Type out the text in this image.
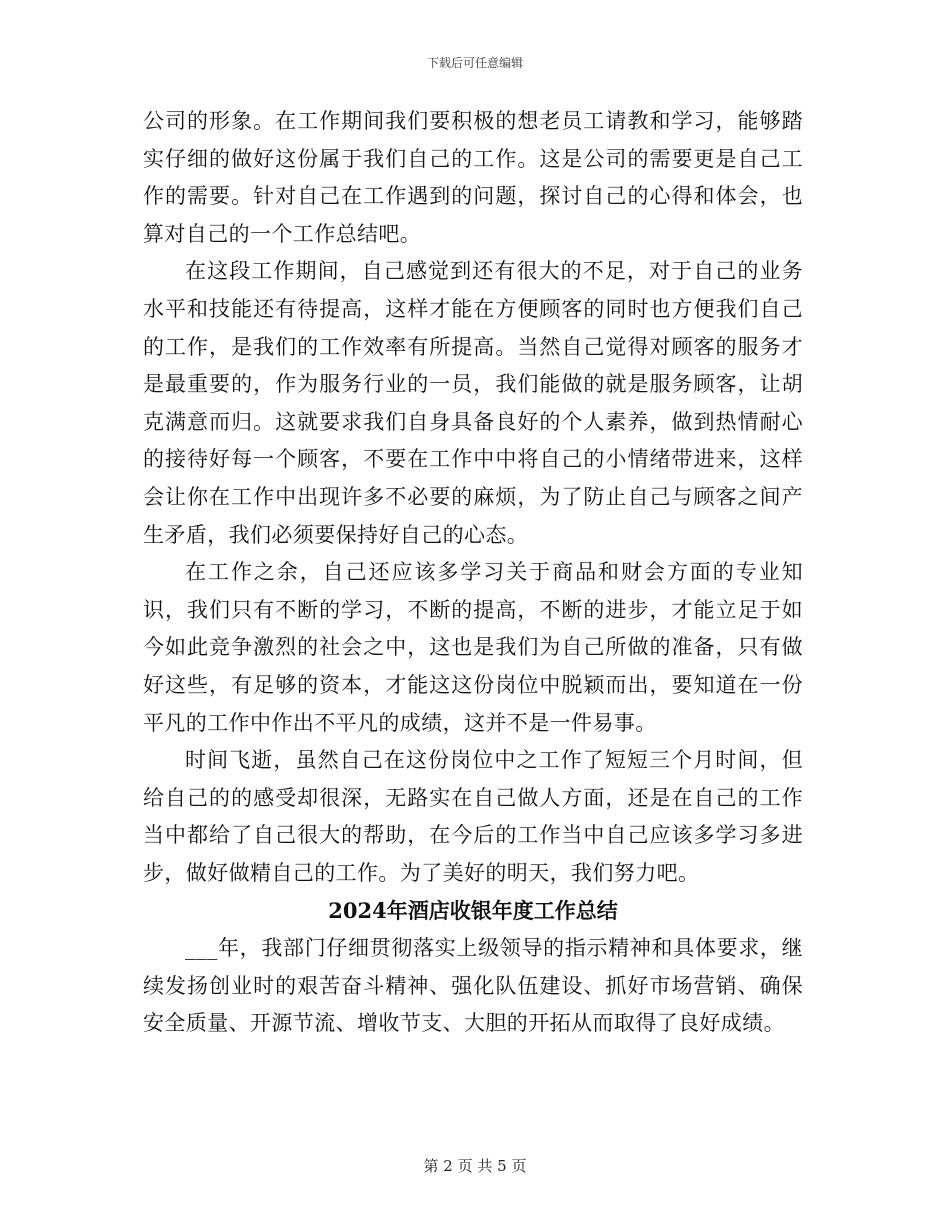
下载后可任意编辑

公司的形象。在工作期间我们要积极的想老员工请教和学习，能够踏实仔细的做好这份属于我们自己的工作。这是公司的需要更是自己工作的需要。针对自己在工作遇到的问题，探讨自己的心得和体会，也算对自己的一个工作总结吧。

在这段工作期间，自己感觉到还有很大的不足，对于自己的业务水平和技能还有待提高，这样才能在方便顾客的同时也方便我们自己的工作，是我们的工作效率有所提高。当然自己觉得对顾客的服务才是最重要的，作为服务行业的一员，我们能做的就是服务顾客，让胡克满意而归。这就要求我们自身具备良好的个人素养，做到热情耐心的接待好每一个顾客，不要在工作中中将自己的小情绪带进来，这样会让你在工作中出现许多不必要的麻烦，为了防止自己与顾客之间产生矛盾，我们必须要保持好自己的心态。

在工作之余，自己还应该多学习关于商品和财会方面的专业知识，我们只有不断的学习，不断的提高，不断的进步，才能立足于如今如此竞争激烈的社会之中，这也是我们为自己所做的准备，只有做好这些，有足够的资本，才能这这份岗位中脱颖而出，要知道在一份平凡的工作中作出不平凡的成绩，这并不是一件易事。

时间飞逝，虽然自己在这份岗位中之工作了短短三个月时间，但给自己的的感受却很深，无路实在自己做人方面，还是在自己的工作当中都给了自己很大的帮助，在今后的工作当中自己应该多学习多进步，做好做精自己的工作。为了美好的明天，我们努力吧。

2024年酒店收银年度工作总结

___年，我部门仔细贯彻落实上级领导的指示精神和具体要求，继续发扬创业时的艰苦奋斗精神、强化队伍建设、抓好市场营销、确保安全质量、开源节流、增收节支、大胆的开拓从而取得了良好成绩。

第 2 页 共 5 页
